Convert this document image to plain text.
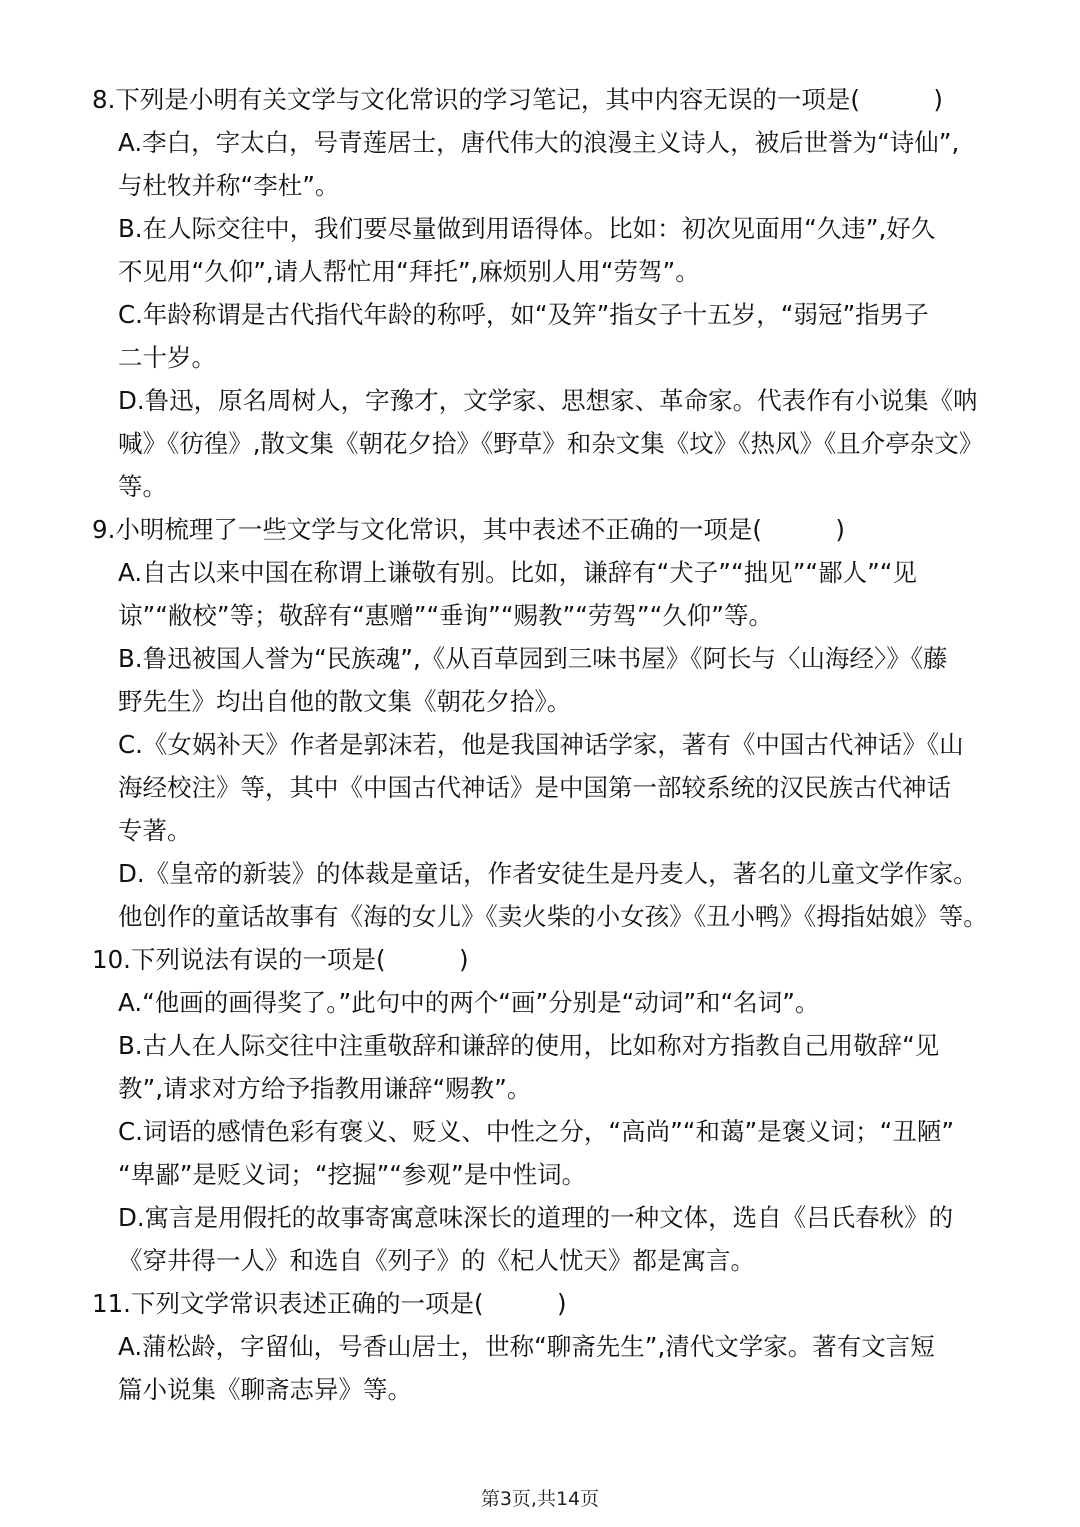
8.下列是小明有关文学与文化常识的学习笔记，其中内容无误的一项是(　　　)

A.李白，字太白，号青莲居士，唐代伟大的浪漫主义诗人，被后世誉为“诗仙”,
与杜牧并称“李杜”。

B.在人际交往中，我们要尽量做到用语得体。比如：初次见面用“久违”,好久
不见用“久仰”,请人帮忙用“拜托”,麻烦别人用“劳驾”。

C.年龄称谓是古代指代年龄的称呼，如“及笄”指女子十五岁，“弱冠”指男子
二十岁。

D.鲁迅，原名周树人，字豫才，文学家、思想家、革命家。代表作有小说集《呐
喊》《彷徨》,散文集《朝花夕拾》《野草》和杂文集《坟》《热风》《且介亭杂文》
等。

9.小明梳理了一些文学与文化常识，其中表述不正确的一项是(　　　)

A.自古以来中国在称谓上谦敬有别。比如，谦辞有“犬子”“拙见”“鄙人”“见
谅”“敝校”等；敬辞有“惠赠”“垂询”“赐教”“劳驾”“久仰”等。

B.鲁迅被国人誉为“民族魂”,《从百草园到三味书屋》《阿长与〈山海经〉》《藤
野先生》均出自他的散文集《朝花夕拾》。

C.《女娲补天》作者是郭沫若，他是我国神话学家，著有《中国古代神话》《山
海经校注》等，其中《中国古代神话》是中国第一部较系统的汉民族古代神话
专著。

D.《皇帝的新装》的体裁是童话，作者安徒生是丹麦人，著名的儿童文学作家。
他创作的童话故事有《海的女儿》《卖火柴的小女孩》《丑小鸭》《拇指姑娘》等。

10.下列说法有误的一项是(　　　)

A.“他画的画得奖了。”此句中的两个“画”分别是“动词”和“名词”。

B.古人在人际交往中注重敬辞和谦辞的使用，比如称对方指教自己用敬辞“见
教”,请求对方给予指教用谦辞“赐教”。

C.词语的感情色彩有褒义、贬义、中性之分，“高尚”“和蔼”是褒义词；“丑陋”
“卑鄙”是贬义词；“挖掘”“参观”是中性词。

D.寓言是用假托的故事寄寓意味深长的道理的一种文体，选自《吕氏春秋》的
《穿井得一人》和选自《列子》的《杞人忧天》都是寓言。

11.下列文学常识表述正确的一项是(　　　)

A.蒲松龄，字留仙，号香山居士，世称“聊斋先生”,清代文学家。著有文言短
篇小说集《聊斋志异》等。

第3页,共14页
